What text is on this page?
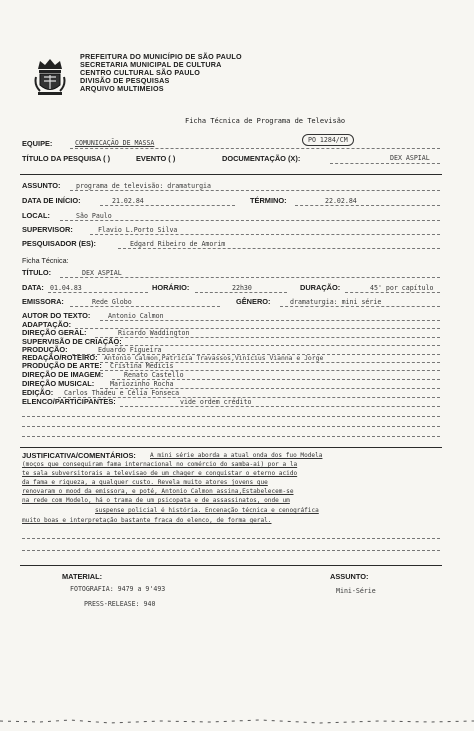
PREFEITURA DO MUNICÍPIO DE SÃO PAULO
SECRETARIA MUNICIPAL DE CULTURA
CENTRO CULTURAL SÃO PAULO
DIVISÃO DE PESQUISAS
ARQUIVO MULTIMEIOS
Ficha Técnica de Programa de Televisão
EQUIPE:	COMUNICAÇÃO DE MASSA	PO 1284/CM
TÍTULO DA PESQUISA ( )	EVENTO ( )	DOCUMENTAÇÃO (X):	DEX ASPIAL
ASSUNTO: programa de televisão: dramaturgia
DATA DE INÍCIO:	21.02.84	TÉRMINO:	22.02.84
LOCAL:	São Paulo
SUPERVISOR:	Flavio L.Porto Silva
PESQUISADOR (ES):	Edgard Ribeiro de Amorim
Ficha Técnica:
TÍTULO:	DEX ASPIAL
DATA: 01.04.83	HORÁRIO:	22h30	DURAÇÃO:	45' por capítulo
EMISSORA:	Rede Globo	GÊNERO:	dramaturgia: mini série
AUTOR DO TEXTO:	Antonio Calmon
ADAPTAÇÃO:
DIREÇÃO GERAL:	Ricardo Waddington
SUPERVISÃO DE CRIAÇÃO:
PRODUÇÃO:	Eduardo Figueira
REDAÇÃO/ROTEIRO: Antonio Calmon,Patricia Travassos,Vinicius Vianna e Jorge
PRODUÇÃO DE ARTE: Cristina Medicis
DIREÇÃO DE IMAGEM:	Renato Castello
DIREÇÃO MUSICAL: Mariozinho Rocha
EDIÇÃO: Carlos Thadeu e Célia Fonseca
ELENCO/PARTICIPANTES:	vide ordem crédito
JUSTIFICATIVA/COMENTÁRIOS: A mini série aborda a atual onda dos fuo Modela
(moços que conseguiram fama internacional no comércio do samba-ai) por a la
te sala subversitorais a televisao de um chager e conquistar o eterno acido
da fama e riqueza, a qualquer custo. Revela muito atores jovens que
renovaram o mood da emissora, e poté, Antonio Calmon assina,Estabelecem-se
na rede com Modelo, há o trama de um psicopata e de assassinatos, onde um
suspense policial é história. Encenação técnica e cenográfica
muito boas e interpretação bastante fraca do elenco, de forma geral.
MATERIAL:
FOTOGRAFIA: 9479 a 9'493
PRESS-RELEASE: 940
ASSUNTO:
Mini-Série
